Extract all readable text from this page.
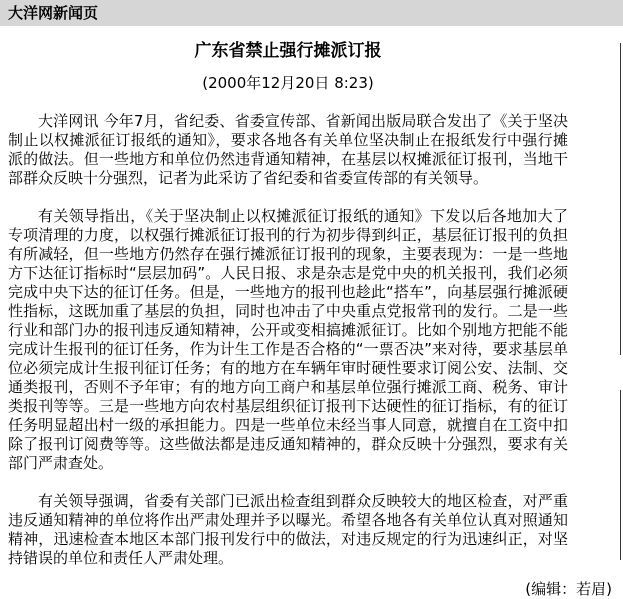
大洋网新闻页
广东省禁止强行摊派订报
(2000年12月20日 8:23)

大洋网讯 今年7月，省纪委、省委宣传部、省新闻出版局联合发出了《关于坚决制止以权摊派征订报纸的通知》，要求各地各有关单位坚决制止在报纸发行中强行摊派的做法。但一些地方和单位仍然违背通知精神，在基层以权摊派征订报刊，当地干部群众反映十分强烈，记者为此采访了省纪委和省委宣传部的有关领导。

有关领导指出，《关于坚决制止以权摊派征订报纸的通知》下发以后各地加大了专项清理的力度，以权强行摊派征订报刊的行为初步得到纠正，基层征订报刊的负担有所减轻，但一些地方仍然存在强行摊派征订报刊的现象，主要表现为：一是一些地方下达征订指标时“层层加码”。人民日报、求是杂志是党中央的机关报刊，我们必须完成中央下达的征订任务。但是，一些地方的报刊也趁此“搭车”，向基层强行摊派硬性指标，这既加重了基层的负担，同时也冲击了中央重点党报常刊的发行。二是一些行业和部门办的报刊违反通知精神，公开或变相搞摊派征订。比如个别地方把能不能完成计生报刊的征订任务，作为计生工作是否合格的“一票否决”来对待，要求基层单位必须完成计生报刊征订任务；有的地方在车辆年审时硬性要求订阅公安、法制、交通类报刊，否则不予年审；有的地方向工商户和基层单位强行摊派工商、税务、审计类报刊等等。三是一些地方向农村基层组织征订报刊下达硬性的征订指标，有的征订任务明显超出村一级的承担能力。四是一些单位未经当事人同意，就擅自在工资中扣除了报刊订阅费等等。这些做法都是违反通知精神的，群众反映十分强烈，要求有关部门严肃查处。

有关领导强调，省委有关部门已派出检查组到群众反映较大的地区检查，对严重违反通知精神的单位将作出严肃处理并予以曝光。希望各地各有关单位认真对照通知精神，迅速检查本地区本部门报刊发行中的做法，对违反规定的行为迅速纠正，对坚持错误的单位和责任人严肃处理。

(编辑：若眉)
